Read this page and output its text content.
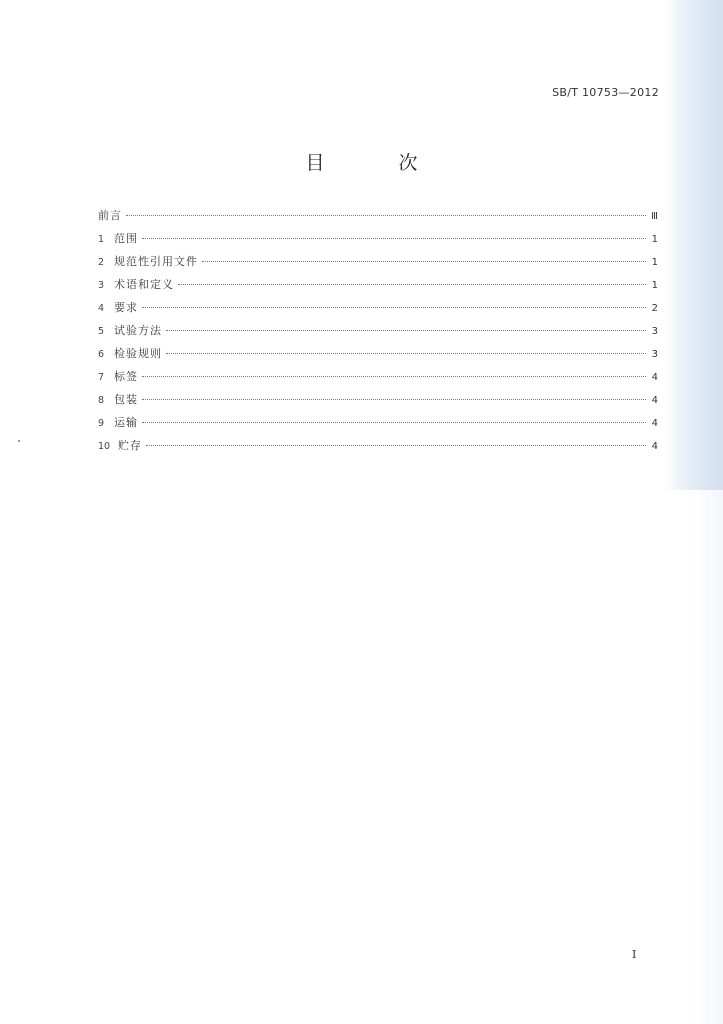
SB/T 10753—2012
目 次
前言	Ⅲ
1 范围	1
2 规范性引用文件	1
3 术语和定义	1
4 要求	2
5 试验方法	3
6 检验规则	3
7 标签	4
8 包装	4
9 运输	4
10 贮存	4
I
